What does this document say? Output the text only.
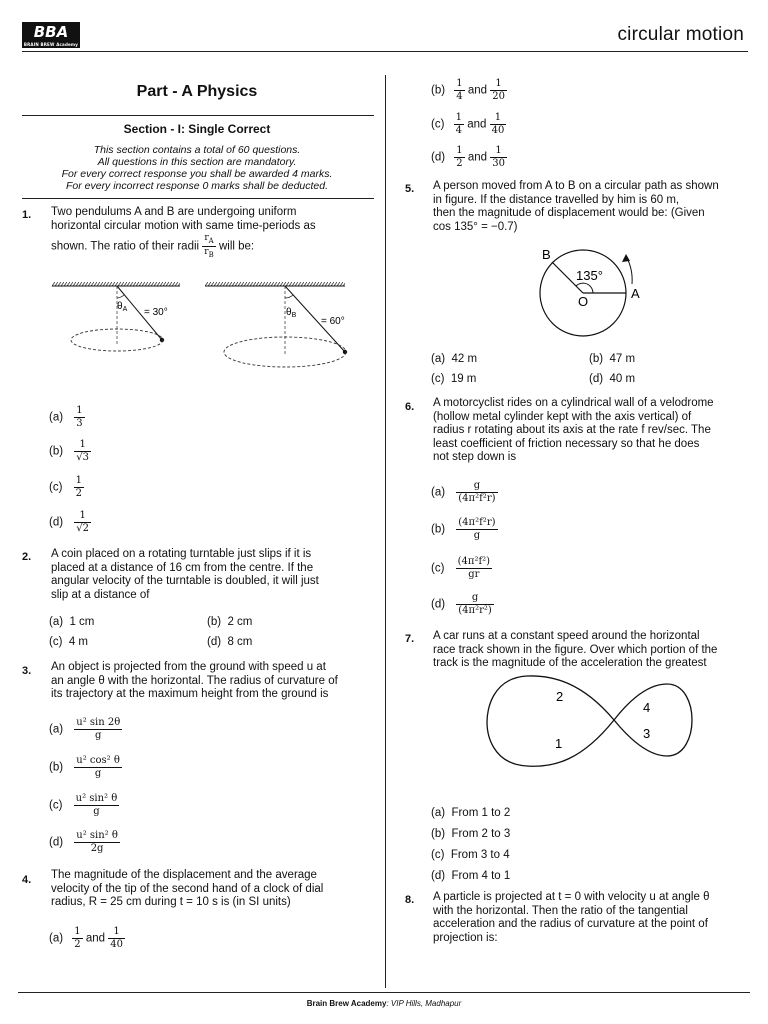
BBA
BRAIN BREW Academy	circular motion
Part - A Physics
Section - I: Single Correct
This section contains a total of 60 questions.
All questions in this section are mandatory.
For every correct response you shall be awarded 4 marks.
For every incorrect response 0 marks shall be deducted.
1. Two pendulums A and B are undergoing uniform
horizontal circular motion with same time-periods as
shown. The ratio of their radii $\frac{r_A}{r_B}$ will be:
$\theta_A = 30^\circ$	$\theta_B$
= 60°
$(a) \frac{1}{3}$
$(b) \frac{1}{√3}$
$(c) \frac{1}{2}$
$(d) \frac{1}{√2}$
2. A coin placed on a rotating turntable just slips if it is
placed at a distance of 16 cm from the centre. If the
angular velocity of the turntable is doubled, it will just
slip at a distance of
(a) 1 cm	(b) 2 cm
(c) 4 m	(d) 8 cm
3. An object is projected from the ground with speed u at
an angle θ with the horizontal. The radius of curvature of
its trajectory at the maximum height from the ground is
$(a) \frac{\text{u² sin 2θ}}{g}$
$(b) \frac{\text{u² cos² θ}}{g}$
$(c) \frac{\text{u² sin² θ}}{g}$
$(d) \frac{\text{u² sin² θ}}{2g}$
4. The magnitude of the displacement and the average
velocity of the tip of the second hand of a clock of dial
radius, R = 25 cm during t = 10 s is (in SI units)
$(a) \frac{1}{2}$ and $\frac{1}{40}$
$(b) \frac{1}{4}$ and $\frac{1}{20}$
$(c) \frac{1}{4}$ and $\frac{1}{40}$
$(d) \frac{1}{2}$ and $\frac{1}{30}$
5. A person moved from A to B on a circular path as shown
in figure. If the distance travelled by him is 60 m,
then the magnitude of displacement would be: (Given
cos 135° = −0.7)
B
A
O
135°
(a) 42 m	(b) 47 m
(c) 19 m	(d) 40 m
6. A motorcyclist rides on a cylindrical wall of a velodrome
(hollow metal cylinder kept with the axis vertical) of
radius r rotating about its axis at the rate f rev/sec. The
least coefficient of friction necessary so that he does
not step down is
$(a) \frac{g}{\text{(4π²f²r)}}$
$(b) \frac{\text{(4π²f²r)}}{g}$
$(c) \frac{\text{(4π²f²)}}{gr}$
$(d) \frac{g}{\text{(4π²r²)}}$
7. A car runs at a constant speed around the horizontal
race track shown in the figure. Over which portion of the
track is the magnitude of the acceleration the greatest
2
1
4
3
(a) From 1 to 2
(b) From 2 to 3
(c) From 3 to 4
(d) From 4 to 1
8. A particle is projected at t = 0 with velocity u at angle θ
with the horizontal. Then the ratio of the tangential
acceleration and the radius of curvature at the point of
projection is:
Brain Brew Academy: VIP Hills, Madhapur
